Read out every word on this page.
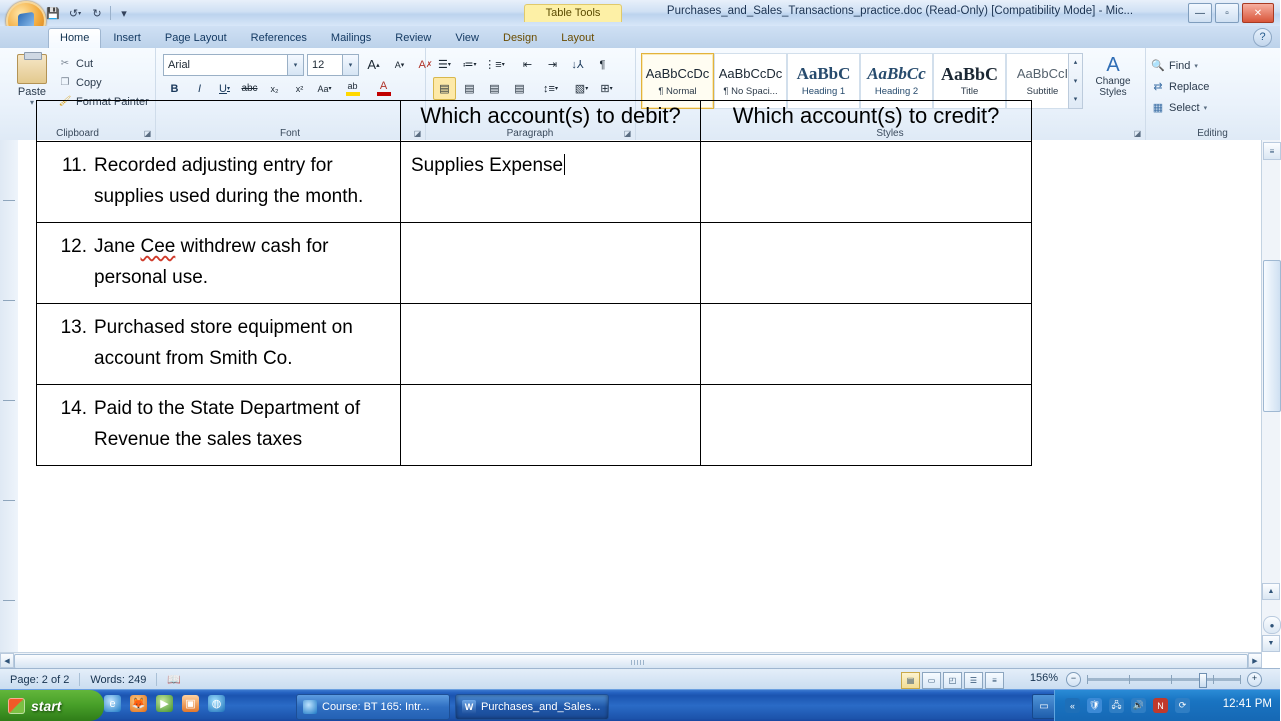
💾 ↺ ▾	↻	▾	Table Tools	Purchases_and_Sales_Transactions_practice.doc (Read-Only) [Compatibility Mode] - Mic...	—	▫	✕
Home	Insert	Page Layout	References	Mailings	Review	View	Design	Layout	?
Paste
▾
✂ Cut
❐ Copy
🖌 Format Painter
Clipboard	◪
Arial	▾	12	▾	A ▴ A ▾	A ✗
B	I	U ▾ abc x₂ x² Aa ▾ ab A
Font	◪
☰ ▾	≔ ▾ ⋮≡ ▾	⇤	⇥	↓⅄	¶
▤	▤	▤	▤	↕≡ ▾	▧ ▾	⊞ ▾
Paragraph	◪
AaBbCcDc
¶ Normal
AaBbCcDc
¶ No Spaci...
AaBbC
Heading 1
AaBbCc
Heading 2
AaBbC
Title
AaBbCcI
Subtitle
▴
▾
▾
A
Change Styles
Styles	◪
🔍 Find ▾
⇄ Replace
▦ Select ▾
Editing
	Which account(s) to debit?	Which account(s) to credit?

11. Recorded adjusting entry for supplies used during the month.	Supplies Expense	

12. Jane Cee withdrew cash for personal use.		

13. Purchased store equipment on account from Smith Co.		

14. Paid to the State Department of Revenue the sales taxes		

≡
▲
●
▼
◀	▶
Page: 2 of 2	Words: 249	📖	▤	▭	◰	☰	≡	156%	−	+
start	e	🦊	▶	▣	◍	Course: BT 165: Intr... W	Purchases_and_Sales...	▭	«	🛡 🖧 🔊	N	⟳	12:41 PM
